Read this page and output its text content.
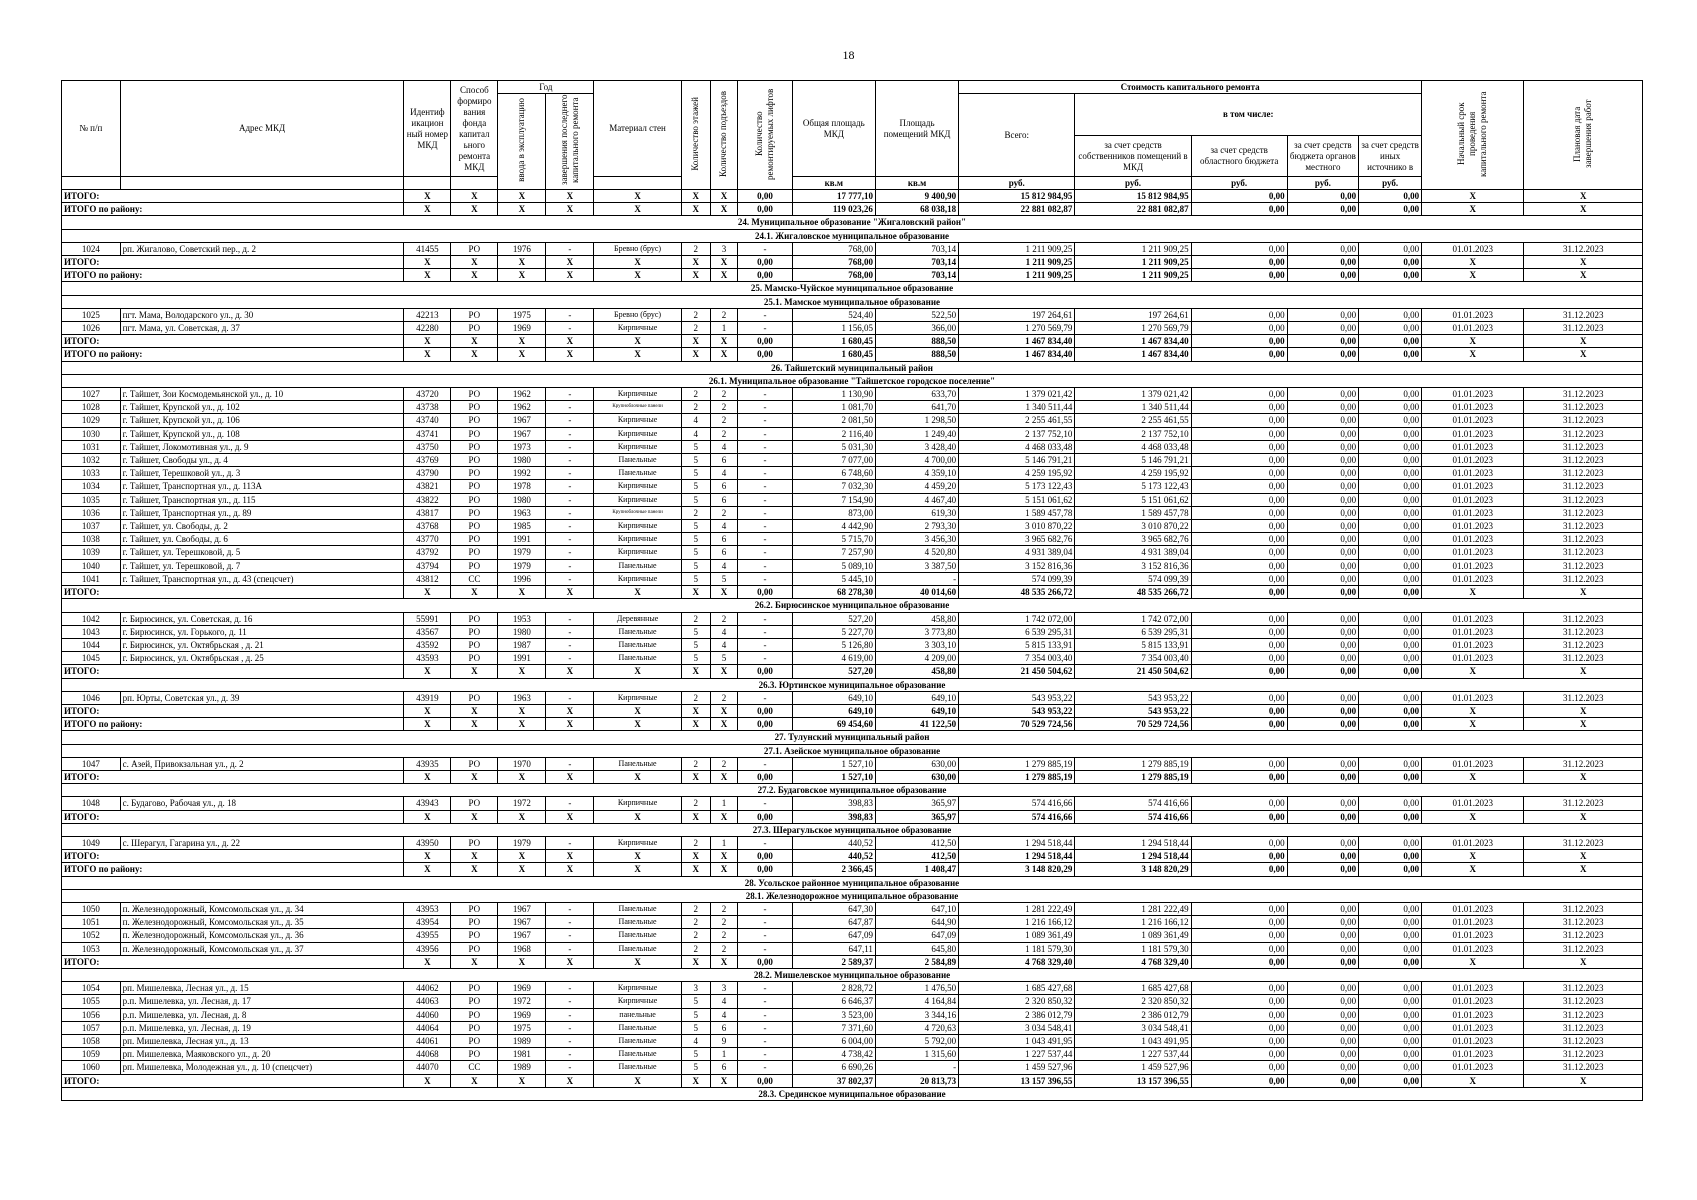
18
№ п/п	Адрес МКД	Идентиф икацион ный номер МКД	Способ формиро вания фонда капитал ьного ремонта МКД	Год		Материал стен	Количество этажей	Количество подъездов	Количество ремонтируемых лифтов	Общая площадь МКД	Площадь помещений МКД	Стоимость капитального ремонта					Начальный срок проведения капитального ремонта	Плановая дата завершения работ
				ввода в эксплуатацию	завершения последнего капитального ремонта							Всего:	в том числе:					
													за счет средств собственников помещений в МКД	за счет средств областного бюджета	за счет средств бюджета органов местного	за счет средств иных источнико в		
										кв.м	кв.м	руб.	руб.	руб.	руб.	руб.		
ИТОГО:		X	X	X	X	X	X	X	0,00	17 777,10	9 400,90	15 812 984,95	15 812 984,95	0,00	0,00	0,00	X	X
ИТОГО по району:		X	X	X	X	X	X	X	0,00	119 023,26	68 038,18	22 881 082,87	22 881 082,87	0,00	0,00	0,00	X	X
24. Муниципальное образование "Жигаловский район"																		
24.1. Жигаловское муниципальное образование																		
1024	рп. Жигалово, Советский пер., д. 2	41455	РО	1976	-	Бревно (брус)	2	3	-	768,00	703,14	1 211 909,25	1 211 909,25	0,00	0,00	0,00	01.01.2023	31.12.2023
ИТОГО:		X	X	X	X	X	X	X	0,00	768,00	703,14	1 211 909,25	1 211 909,25	0,00	0,00	0,00	X	X
ИТОГО по району:		X	X	X	X	X	X	X	0,00	768,00	703,14	1 211 909,25	1 211 909,25	0,00	0,00	0,00	X	X
25. Мамско-Чуйское муниципальное образование																		
25.1. Мамское муниципальное образование																		
1025	пгт. Мама, Володарского ул., д. 30	42213	РО	1975	-	Бревно (брус)	2	2	-	524,40	522,50	197 264,61	197 264,61	0,00	0,00	0,00	01.01.2023	31.12.2023
1026	пгт. Мама, ул. Советская, д. 37	42280	РО	1969	-	Кирпичные	2	1	-	1 156,05	366,00	1 270 569,79	1 270 569,79	0,00	0,00	0,00	01.01.2023	31.12.2023
ИТОГО:		X	X	X	X	X	X	X	0,00	1 680,45	888,50	1 467 834,40	1 467 834,40	0,00	0,00	0,00	X	X
ИТОГО по району:		X	X	X	X	X	X	X	0,00	1 680,45	888,50	1 467 834,40	1 467 834,40	0,00	0,00	0,00	X	X
26. Тайшетский муниципальный район																		
26.1. Муниципальное образование "Тайшетское городское поселение"																		
1027	г. Тайшет, Зои Космодемьянской ул., д. 10	43720	РО	1962	-	Кирпичные	2	2	-	1 130,90	633,70	1 379 021,42	1 379 021,42	0,00	0,00	0,00	01.01.2023	31.12.2023
1028	г. Тайшет, Крупской ул., д. 102	43738	РО	1962	-	Крупноблочные панели	2	2	-	1 081,70	641,70	1 340 511,44	1 340 511,44	0,00	0,00	0,00	01.01.2023	31.12.2023
1029	г. Тайшет, Крупской ул., д. 106	43740	РО	1967	-	Кирпичные	4	2	-	2 081,50	1 298,50	2 255 461,55	2 255 461,55	0,00	0,00	0,00	01.01.2023	31.12.2023
1030	г. Тайшет, Крупской ул., д. 108	43741	РО	1967	-	Кирпичные	4	2	-	2 116,40	1 249,40	2 137 752,10	2 137 752,10	0,00	0,00	0,00	01.01.2023	31.12.2023
1031	г. Тайшет, Локомотивная ул., д. 9	43750	РО	1973	-	Кирпичные	5	4	-	5 031,30	3 428,40	4 468 033,48	4 468 033,48	0,00	0,00	0,00	01.01.2023	31.12.2023
1032	г. Тайшет, Свободы ул., д. 4	43769	РО	1980	-	Панельные	5	6	-	7 077,00	4 700,00	5 146 791,21	5 146 791,21	0,00	0,00	0,00	01.01.2023	31.12.2023
1033	г. Тайшет, Терешковой ул., д. 3	43790	РО	1992	-	Панельные	5	4	-	6 748,60	4 359,10	4 259 195,92	4 259 195,92	0,00	0,00	0,00	01.01.2023	31.12.2023
1034	г. Тайшет, Транспортная ул., д. 113А	43821	РО	1978	-	Кирпичные	5	6	-	7 032,30	4 459,20	5 173 122,43	5 173 122,43	0,00	0,00	0,00	01.01.2023	31.12.2023
1035	г. Тайшет, Транспортная ул., д. 115	43822	РО	1980	-	Кирпичные	5	6	-	7 154,90	4 467,40	5 151 061,62	5 151 061,62	0,00	0,00	0,00	01.01.2023	31.12.2023
1036	г. Тайшет, Транспортная ул., д. 89	43817	РО	1963	-	Крупноблочные панели	2	2	-	873,00	619,30	1 589 457,78	1 589 457,78	0,00	0,00	0,00	01.01.2023	31.12.2023
1037	г. Тайшет, ул. Свободы, д. 2	43768	РО	1985	-	Кирпичные	5	4	-	4 442,90	2 793,30	3 010 870,22	3 010 870,22	0,00	0,00	0,00	01.01.2023	31.12.2023
1038	г. Тайшет, ул. Свободы, д. 6	43770	РО	1991	-	Кирпичные	5	6	-	5 715,70	3 456,30	3 965 682,76	3 965 682,76	0,00	0,00	0,00	01.01.2023	31.12.2023
1039	г. Тайшет, ул. Терешковой, д. 5	43792	РО	1979	-	Кирпичные	5	6	-	7 257,90	4 520,80	4 931 389,04	4 931 389,04	0,00	0,00	0,00	01.01.2023	31.12.2023
1040	г. Тайшет, ул. Терешковой, д. 7	43794	РО	1979	-	Панельные	5	4	-	5 089,10	3 387,50	3 152 816,36	3 152 816,36	0,00	0,00	0,00	01.01.2023	31.12.2023
1041	г. Тайшет, Транспортная ул., д. 43 (спецсчет)	43812	СС	1996	-	Кирпичные	5	5	-	5 445,10	-	574 099,39	574 099,39	0,00	0,00	0,00	01.01.2023	31.12.2023
ИТОГО:		X	X	X	X	X	X	X	0,00	68 278,30	40 014,60	48 535 266,72	48 535 266,72	0,00	0,00	0,00	X	X
26.2. Бирюсинское муниципальное образование																		
1042	г. Бирюсинск, ул. Советская, д. 16	55991	РО	1953	-	Деревянные	2	2	-	527,20	458,80	1 742 072,00	1 742 072,00	0,00	0,00	0,00	01.01.2023	31.12.2023
1043	г. Бирюсинск, ул. Горького, д. 11	43567	РО	1980	-	Панельные	5	4	-	5 227,70	3 773,80	6 539 295,31	6 539 295,31	0,00	0,00	0,00	01.01.2023	31.12.2023
1044	г. Бирюсинск, ул. Октябрьская , д. 21	43592	РО	1987	-	Панельные	5	4	-	5 126,80	3 303,10	5 815 133,91	5 815 133,91	0,00	0,00	0,00	01.01.2023	31.12.2023
1045	г. Бирюсинск, ул. Октябрьская , д. 25	43593	РО	1991	-	Панельные	5	5	-	4 619,00	4 209,00	7 354 003,40	7 354 003,40	0,00	0,00	0,00	01.01.2023	31.12.2023
ИТОГО:		X	X	X	X	X	X	X	0,00	527,20	458,80	21 450 504,62	21 450 504,62	0,00	0,00	0,00	X	X
26.3. Юртинское муниципальное образование																		
1046	рп. Юрты, Советская ул., д. 39	43919	РО	1963	-	Кирпичные	2	2	-	649,10	649,10	543 953,22	543 953,22	0,00	0,00	0,00	01.01.2023	31.12.2023
ИТОГО:		X	X	X	X	X	X	X	0,00	649,10	649,10	543 953,22	543 953,22	0,00	0,00	0,00	X	X
ИТОГО по району:		X	X	X	X	X	X	X	0,00	69 454,60	41 122,50	70 529 724,56	70 529 724,56	0,00	0,00	0,00	X	X
27. Тулунский муниципальный район																		
27.1. Азейское муниципальное образование																		
1047	с. Азей, Привокзальная ул., д. 2	43935	РО	1970	-	Панельные	2	2	-	1 527,10	630,00	1 279 885,19	1 279 885,19	0,00	0,00	0,00	01.01.2023	31.12.2023
ИТОГО:		X	X	X	X	X	X	X	0,00	1 527,10	630,00	1 279 885,19	1 279 885,19	0,00	0,00	0,00	X	X
27.2. Будаговское муниципальное образование																		
1048	с. Будагово, Рабочая ул., д. 18	43943	РО	1972	-	Кирпичные	2	1	-	398,83	365,97	574 416,66	574 416,66	0,00	0,00	0,00	01.01.2023	31.12.2023
ИТОГО:		X	X	X	X	X	X	X	0,00	398,83	365,97	574 416,66	574 416,66	0,00	0,00	0,00	X	X
27.3. Шерагульское муниципальное образование																		
1049	с. Шерагул, Гагарина ул., д. 22	43950	РО	1979	-	Кирпичные	2	1	-	440,52	412,50	1 294 518,44	1 294 518,44	0,00	0,00	0,00	01.01.2023	31.12.2023
ИТОГО:		X	X	X	X	X	X	X	0,00	440,52	412,50	1 294 518,44	1 294 518,44	0,00	0,00	0,00	X	X
ИТОГО по району:		X	X	X	X	X	X	X	0,00	2 366,45	1 408,47	3 148 820,29	3 148 820,29	0,00	0,00	0,00	X	X
28. Усольское районное муниципальное образование																		
28.1. Железнодорожное муниципальное образование																		
1050	п. Железнодорожный, Комсомольская ул., д. 34	43953	РО	1967	-	Панельные	2	2	-	647,30	647,10	1 281 222,49	1 281 222,49	0,00	0,00	0,00	01.01.2023	31.12.2023
1051	п. Железнодорожный, Комсомольская ул., д. 35	43954	РО	1967	-	Панельные	2	2	-	647,87	644,90	1 216 166,12	1 216 166,12	0,00	0,00	0,00	01.01.2023	31.12.2023
1052	п. Железнодорожный, Комсомольская ул., д. 36	43955	РО	1967	-	Панельные	2	2	-	647,09	647,09	1 089 361,49	1 089 361,49	0,00	0,00	0,00	01.01.2023	31.12.2023
1053	п. Железнодорожный, Комсомольская ул., д. 37	43956	РО	1968	-	Панельные	2	2	-	647,11	645,80	1 181 579,30	1 181 579,30	0,00	0,00	0,00	01.01.2023	31.12.2023
ИТОГО:		X	X	X	X	X	X	X	0,00	2 589,37	2 584,89	4 768 329,40	4 768 329,40	0,00	0,00	0,00	X	X
28.2. Мишелевское муниципальное образование																		
1054	рп. Мишелевка, Лесная ул., д. 15	44062	РО	1969	-	Кирпичные	3	3	-	2 828,72	1 476,50	1 685 427,68	1 685 427,68	0,00	0,00	0,00	01.01.2023	31.12.2023
1055	р.п. Мишелевка, ул. Лесная, д. 17	44063	РО	1972	-	Кирпичные	5	4	-	6 646,37	4 164,84	2 320 850,32	2 320 850,32	0,00	0,00	0,00	01.01.2023	31.12.2023
1056	р.п. Мишелевка, ул. Лесная, д. 8	44060	РО	1969	-	панельные	5	4	-	3 523,00	3 344,16	2 386 012,79	2 386 012,79	0,00	0,00	0,00	01.01.2023	31.12.2023
1057	р.п. Мишелевка, ул. Лесная, д. 19	44064	РО	1975	-	Панельные	5	6	-	7 371,60	4 720,63	3 034 548,41	3 034 548,41	0,00	0,00	0,00	01.01.2023	31.12.2023
1058	рп. Мишелевка, Лесная ул., д. 13	44061	РО	1989	-	Панельные	4	9	-	6 004,00	5 792,00	1 043 491,95	1 043 491,95	0,00	0,00	0,00	01.01.2023	31.12.2023
1059	рп. Мишелевка, Маяковского ул., д. 20	44068	РО	1981	-	Панельные	5	1	-	4 738,42	1 315,60	1 227 537,44	1 227 537,44	0,00	0,00	0,00	01.01.2023	31.12.2023
1060	рп. Мишелевка, Молодежная ул., д. 10 (спецсчет)	44070	СС	1989	-	Панельные	5	6	-	6 690,26	-	1 459 527,96	1 459 527,96	0,00	0,00	0,00	01.01.2023	31.12.2023
ИТОГО:		X	X	X	X	X	X	X	0,00	37 802,37	20 813,73	13 157 396,55	13 157 396,55	0,00	0,00	0,00	X	X
28.3. Срединское муниципальное образование																		
